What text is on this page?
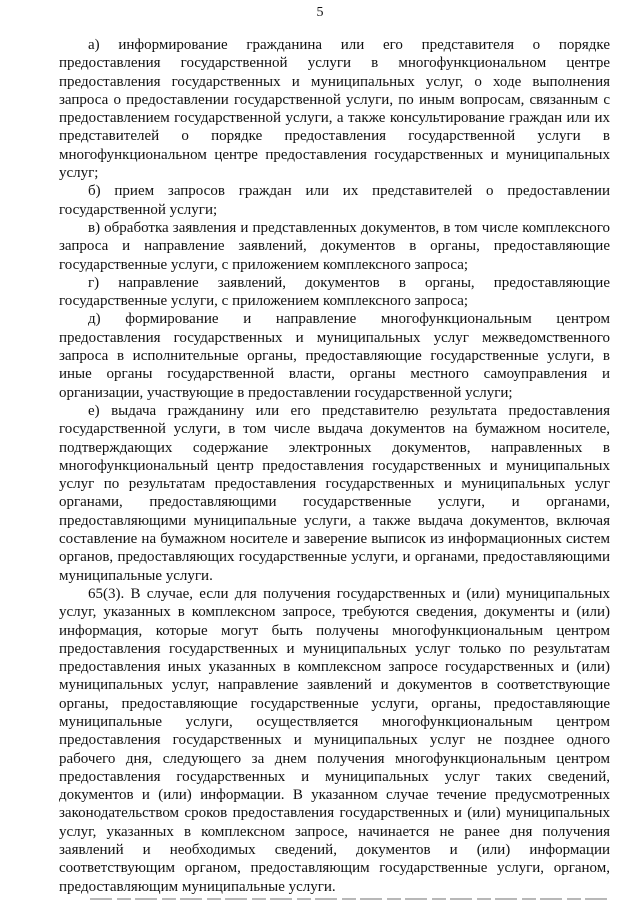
5

а) информирование гражданина или его представителя о порядке предоставления государственной услуги в многофункциональном центре предоставления государственных и муниципальных услуг, о ходе выполнения запроса о предоставлении государственной услуги, по иным вопросам, связанным с предоставлением государственной услуги, а также консультирование граждан или их представителей о порядке предоставления государственной услуги в многофункциональном центре предоставления государственных и муниципальных услуг;

б) прием запросов граждан или их представителей о предоставлении государственной услуги;

в) обработка заявления и представленных документов, в том числе комплексного запроса и направление заявлений, документов в органы, предоставляющие государственные услуги, с приложением комплексного запроса;

г) направление заявлений, документов в органы, предоставляющие государственные услуги, с приложением комплексного запроса;

д) формирование и направление многофункциональным центром предоставления государственных и муниципальных услуг межведомственного запроса в исполнительные органы, предоставляющие государственные услуги, в иные органы государственной власти, органы местного самоуправления и организации, участвующие в предоставлении государственной услуги;

е) выдача гражданину или его представителю результата предоставления государственной услуги, в том числе выдача документов на бумажном носителе, подтверждающих содержание электронных документов, направленных в многофункциональный центр предоставления государственных и муниципальных услуг по результатам предоставления государственных и муниципальных услуг органами, предоставляющими государственные услуги, и органами, предоставляющими муниципальные услуги, а также выдача документов, включая составление на бумажном носителе и заверение выписок из информационных систем органов, предоставляющих государственные услуги, и органами, предоставляющими муниципальные услуги.

65(3). В случае, если для получения государственных и (или) муниципальных услуг, указанных в комплексном запросе, требуются сведения, документы и (или) информация, которые могут быть получены многофункциональным центром предоставления государственных и муниципальных услуг только по результатам предоставления иных указанных в комплексном запросе государственных и (или) муниципальных услуг, направление заявлений и документов в соответствующие органы, предоставляющие государственные услуги, органы, предоставляющие муниципальные услуги, осуществляется многофункциональным центром предоставления государственных и муниципальных услуг не позднее одного рабочего дня, следующего за днем получения многофункциональным центром предоставления государственных и муниципальных услуг таких сведений, документов и (или) информации. В указанном случае течение предусмотренных законодательством сроков предоставления государственных и (или) муниципальных услуг, указанных в комплексном запросе, начинается не ранее дня получения заявлений и необходимых сведений, документов и (или) информации соответствующим органом, предоставляющим государственные услуги, органом, предоставляющим муниципальные услуги.
